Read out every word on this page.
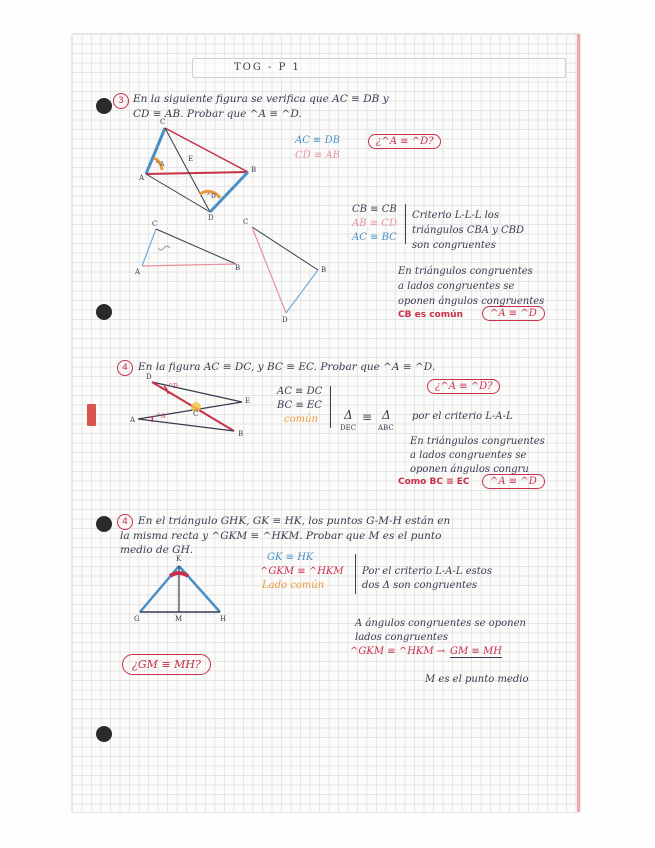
TOG - P 1
3 En la siguiente figura se verifica que AC ≡ DB y
CD ≡ AB. Probar que ^A ≡ ^D.
AC ≡ DB
CD ≡ AB
¿^A ≡ ^D?
C
E
B
A
D
^A
^D
C
A	B
C
B
D
CB ≡ CB
AB ≡ CD
AC ≡ BC
Criterio L-L-L los
triángulos CBA y CBD
son congruentes
En triángulos congruentes
a lados congruentes se
oponen ángulos congruentes
CB es común	^A ≡ ^D
4 En la figura AC ≡ DC, y BC ≡ EC. Probar que ^A ≡ ^D.
¿^A ≡ ^D?
D
E
A
B
C
^D
^A
AC ≡ DC
BC ≡ EC
común Δ
DEC
≡ Δ
ABC
por el criterio L-A-L
En triángulos congruentes
a lados congruentes se
oponen ángulos congru
Como BC ≡ EC	^A ≡ ^D
4 En el triángulo GHK, GK ≡ HK, los puntos G-M-H están en
la misma recta y ^GKM ≡ ^HKM. Probar que M es el punto
medio de GH.
K
G	M	H
GK ≡ HK
^GKM ≡ ^HKM
Lado común
Por el criterio L-A-L estos
dos Δ son congruentes
A ángulos congruentes se oponen
lados congruentes
^GKM ≡ ^HKM → GM ≡ MH
M es el punto medio
¿GM ≡ MH?
